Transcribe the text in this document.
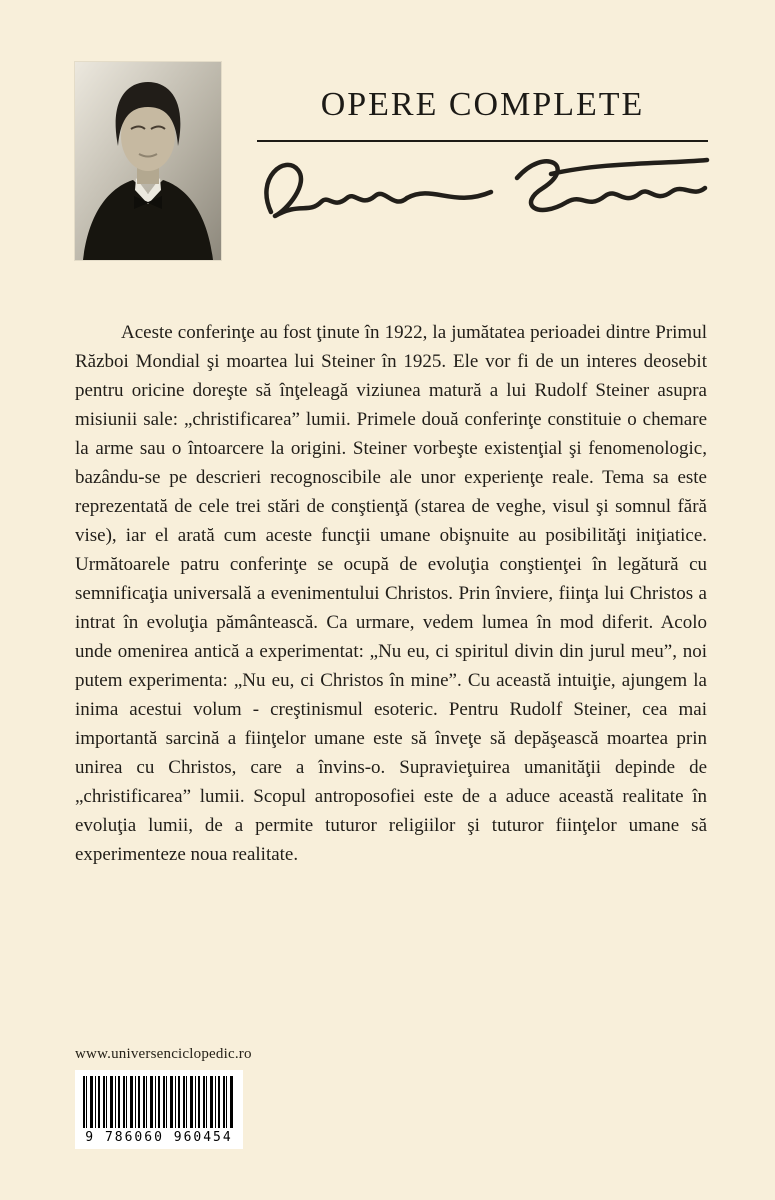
OPERE COMPLETE

Aceste conferinţe au fost ţinute în 1922, la jumătatea perioadei dintre Primul Război Mondial şi moartea lui Steiner în 1925. Ele vor fi de un interes deosebit pentru oricine doreşte să înţeleagă viziunea matură a lui Rudolf Steiner asupra misiunii sale: „christificarea” lumii. Primele două conferinţe constituie o chemare la arme sau o întoarcere la origini. Steiner vorbeşte existenţial şi fenomenologic, bazându-se pe descrieri recognoscibile ale unor experienţe reale. Tema sa este reprezentată de cele trei stări de conştienţă (starea de veghe, visul şi somnul fără vise), iar el arată cum aceste funcţii umane obişnuite au posibilităţi iniţiatice. Următoarele patru conferinţe se ocupă de evoluţia conştienţei în legătură cu semnificaţia universală a evenimentului Christos. Prin înviere, fiinţa lui Christos a intrat în evoluţia pământească. Ca urmare, vedem lumea în mod diferit. Acolo unde omenirea antică a experimentat: „Nu eu, ci spiritul divin din jurul meu”, noi putem experimenta: „Nu eu, ci Christos în mine”. Cu această intuiţie, ajungem la inima acestui volum - creştinismul esoteric. Pentru Rudolf Steiner, cea mai importantă sarcină a fiinţelor umane este să înveţe să depăşească moartea prin unirea cu Christos, care a învins-o. Supravieţuirea umanităţii depinde de „christificarea” lumii. Scopul antroposofiei este de a aduce această realitate în evoluţia lumii, de a permite tuturor religiilor şi tuturor fiinţelor umane să experimenteze noua realitate.

www.universenciclopedic.ro
9 786060 960454
